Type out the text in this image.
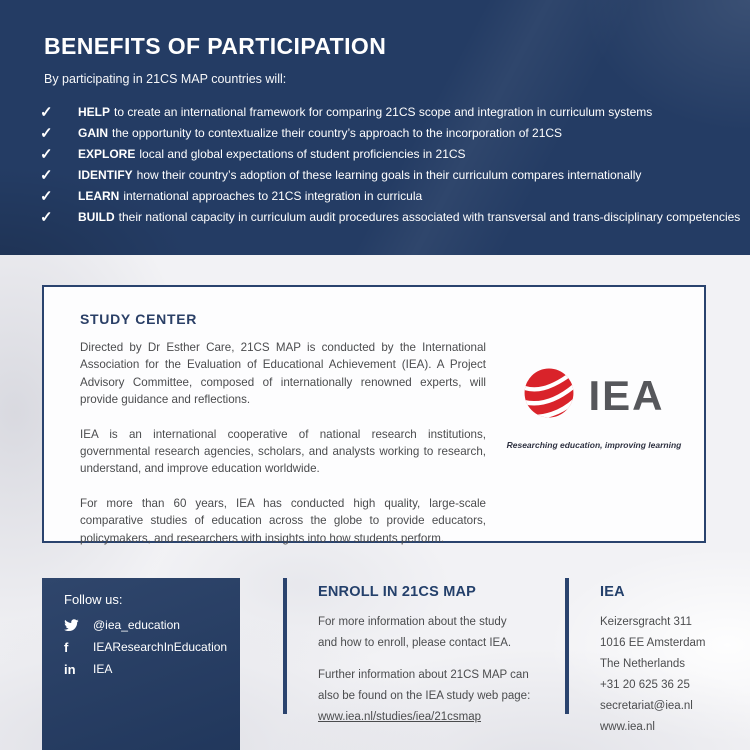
BENEFITS OF PARTICIPATION
By participating in 21CS MAP countries will:
✓	HELP to create an international framework for comparing 21CS scope and integration in curriculum systems
✓	GAIN the opportunity to contextualize their country’s approach to the incorporation of 21CS
✓	EXPLORE local and global expectations of student proficiencies in 21CS
✓	IDENTIFY how their country’s adoption of these learning goals in their curriculum compares internationally
✓	LEARN international approaches to 21CS integration in curricula
✓	BUILD their national capacity in curriculum audit procedures associated with transversal and trans-disciplinary competencies
STUDY CENTER

Directed by Dr Esther Care, 21CS MAP is conducted by the International Association for the Evaluation of Educational Achievement (IEA). A Project Advisory Committee, composed of internationally renowned experts, will provide guidance and reflections.

IEA is an international cooperative of national research institutions, governmental research agencies, scholars, and analysts working to research, understand, and improve education worldwide.

For more than 60 years, IEA has conducted high quality, large-scale comparative studies of education across the globe to provide educators, policymakers, and researchers with insights into how students perform.

IEA
Researching education, improving learning
Follow us:
@iea_education
f IEAResearchInEducation
in IEA
ENROLL IN 21CS MAP
For more information about the study
and how to enroll, please contact IEA.
Further information about 21CS MAP can
also be found on the IEA study web page:
www.iea.nl/studies/iea/21csmap
IEA
Keizersgracht 311
1016 EE Amsterdam
The Netherlands
+31 20 625 36 25
secretariat@iea.nl
www.iea.nl
